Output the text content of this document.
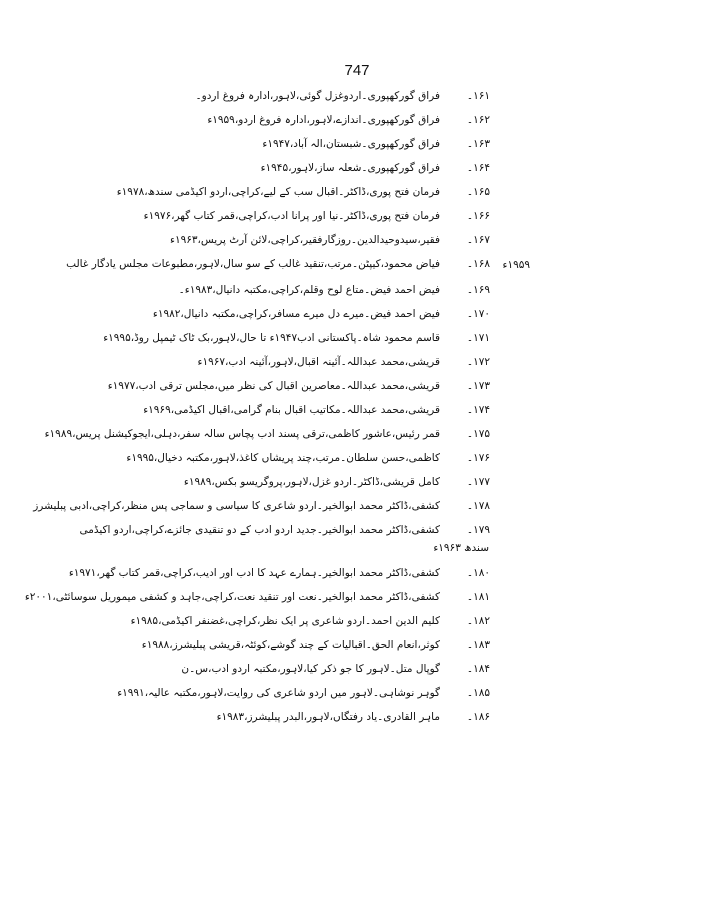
747
۱۶۱۔
فراق گورکھپوری۔اردوغزل گوئی،لاہور،ادارہ فروغ اردو۔
۱۶۲۔
فراق گورکھپوری۔اندازے،لاہور،ادارہ فروغ اردو،۱۹۵۹ء
۱۶۳۔
فراق گورکھپوری۔شبستان،الہ آباد،۱۹۴۷ء
۱۶۴۔
فراق گورکھپوری۔شعلہ ساز،لاہور،۱۹۴۵ء
۱۶۵۔
فرمان فتح پوری،ڈاکٹر۔اقبال سب کے لیے،کراچی،اردو اکیڈمی سندھ،۱۹۷۸ء
۱۶۶۔
فرمان فتح پوری،ڈاکٹر۔نیا اور پرانا ادب،کراچی،قمر کتاب گھر،۱۹۷۶ء
۱۶۷۔
فقیر،سیدوحیدالدین۔روزگارفقیر،کراچی،لائن آرٹ پریس،۱۹۶۳ء
۱۶۸۔
فیاض محمود،کیپٹن۔مرتب،تنقید غالب کے سو سال،لاہور،مطبوعات مجلس یادگار غالب	۱۹۵۹ء
۱۶۹۔
فیض احمد فیض۔متاع لوح وقلم،کراچی،مکتبہ دانیال،۱۹۸۳ء۔
۱۷۰۔
فیض احمد فیض۔میرے دل میرے مسافر،کراچی،مکتبہ دانیال،۱۹۸۲ء
۱۷۱۔
قاسم محمود شاہ۔پاکستانی ادب۱۹۴۷ء تا حال،لاہور،بک ٹاک ٹیمپل روڈ،۱۹۹۵ء
۱۷۲۔
قریشی،محمد عبداللہ۔آئینہ اقبال،لاہور،آئینہ ادب،۱۹۶۷ء
۱۷۳۔
قریشی،محمد عبداللہ۔معاصرین اقبال کی نظر میں،مجلس ترقی ادب،۱۹۷۷ء
۱۷۴۔
قریشی،محمد عبداللہ۔مکاتیب اقبال بنام گرامی،اقبال اکیڈمی،۱۹۶۹ء
۱۷۵۔
قمر رئیس،عاشور کاظمی،ترقی پسند ادب پچاس سالہ سفر،دہلی،ایجوکیشنل پریس،۱۹۸۹ء
۱۷۶۔
کاظمی،حسن سلطان۔مرتب،چند پریشاں کاغذ،لاہور،مکتبہ دخیال،۱۹۹۵ء
۱۷۷۔
کامل قریشی،ڈاکٹر۔اردو غزل،لاہور،پروگریسو بکس،۱۹۸۹ء
۱۷۸۔
کشفی،ڈاکٹر محمد ابوالخیر۔اردو شاعری کا سیاسی و سماجی پس منظر،کراچی،ادبی پبلیشرز
۱۷۹۔
کشفی،ڈاکٹر محمد ابوالخیر۔جدید اردو ادب کے دو تنقیدی جائزے،کراچی،اردو اکیڈمی
سندھ ۱۹۶۳ء
۱۸۰۔
کشفی،ڈاکٹر محمد ابوالخیر۔ہمارے عہد کا ادب اور ادیب،کراچی،قمر کتاب گھر،۱۹۷۱ء
۱۸۱۔
کشفی،ڈاکٹر محمد ابوالخیر۔نعت اور تنقید نعت،کراچی،جاہد و کشفی میموریل سوسائٹی،۲۰۰۱ء
۱۸۲۔
کلیم الدین احمد۔اردو شاعری پر ایک نظر،کراچی،غضنفر اکیڈمی،۱۹۸۵ء
۱۸۳۔
کوثر،انعام الحق۔اقبالیات کے چند گوشے،کوئٹہ،قریشی پبلیشرز،۱۹۸۸ء
۱۸۴۔
گوپال متل۔لاہور کا جو ذکر کیا،لاہور،مکتبہ اردو ادب،س۔ن
۱۸۵۔
گوہر نوشاہی۔لاہور میں اردو شاعری کی روایت،لاہور،مکتبہ عالیہ،۱۹۹۱ء
۱۸۶۔
ماہر القادری۔یاد رفتگاں،لاہور،البدر پبلیشرز،۱۹۸۳ء
